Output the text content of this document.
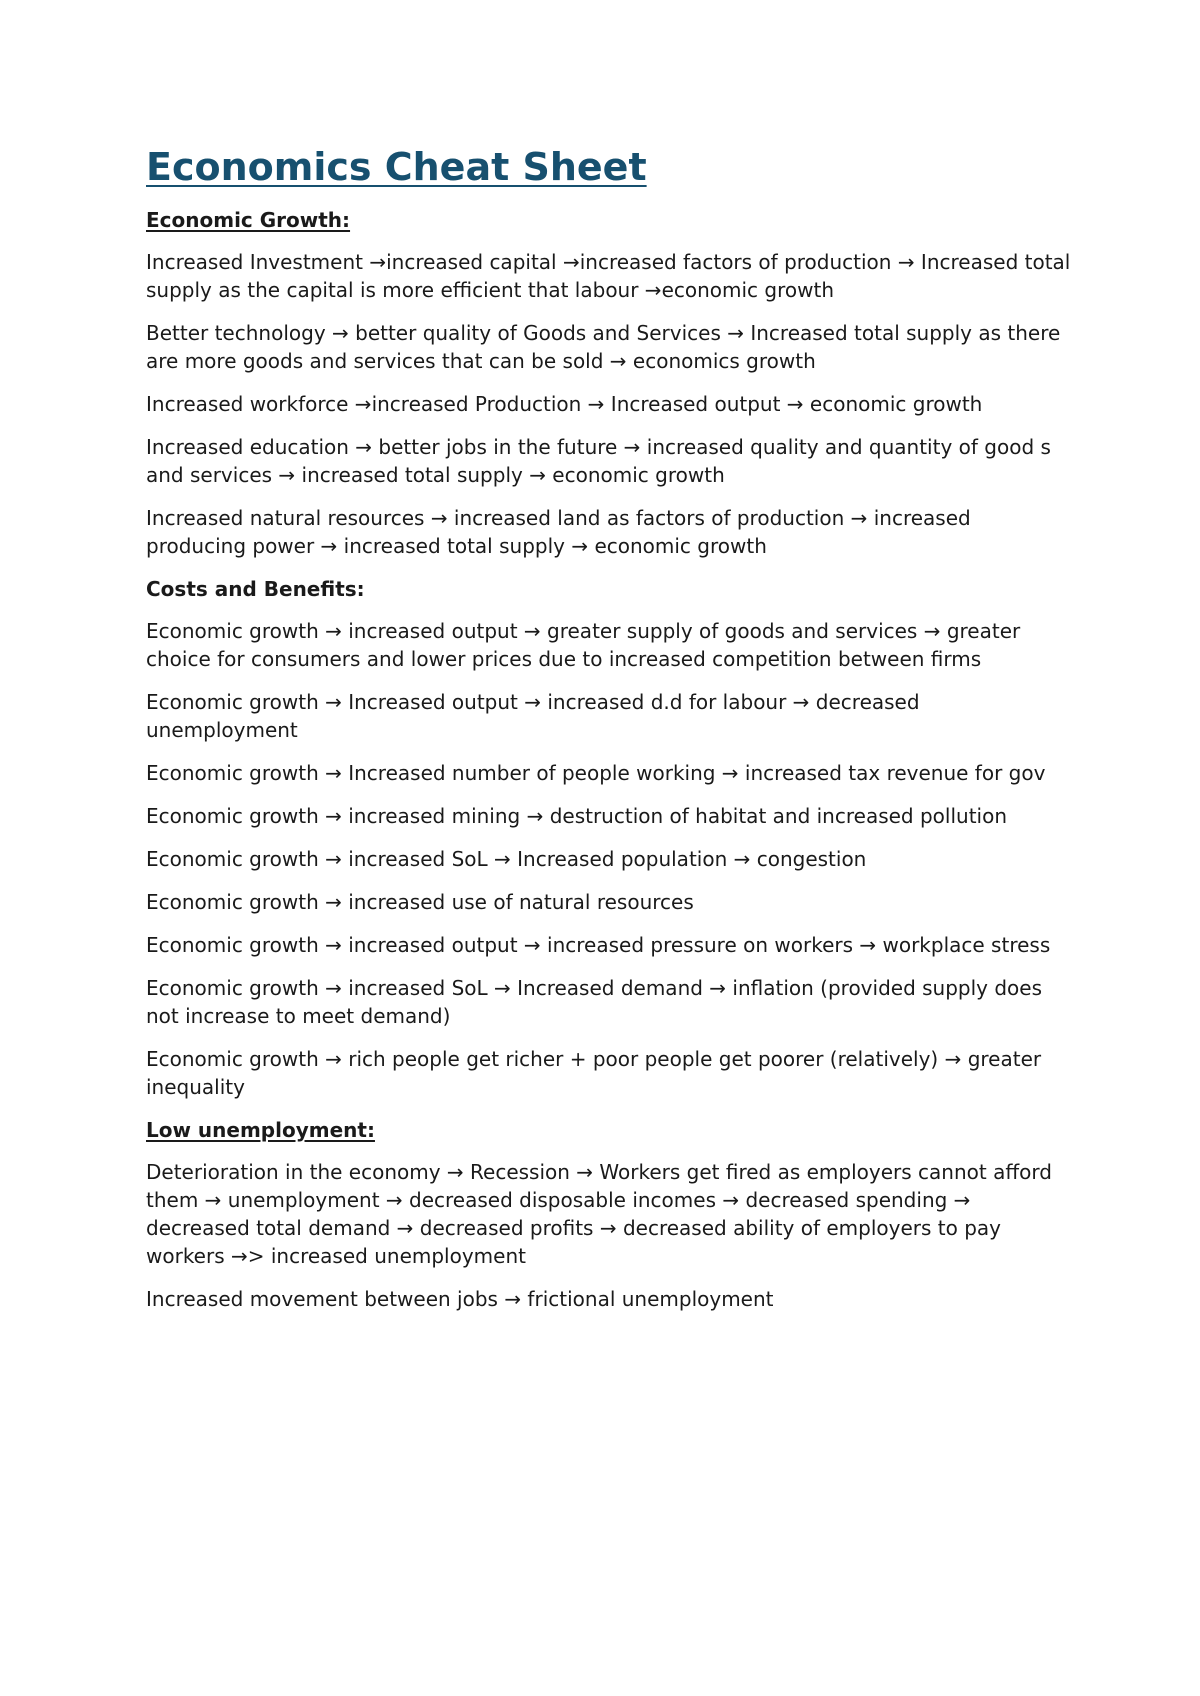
Economics Cheat Sheet
Economic Growth:

Increased Investment →increased capital →increased factors of production → Increased total supply as the capital is more efficient that labour →economic growth

Better technology → better quality of Goods and Services → Increased total supply as there are more goods and services that can be sold → economics growth

Increased workforce →increased Production → Increased output → economic growth

Increased education → better jobs in the future → increased quality and quantity of good s and services → increased total supply → economic growth

Increased natural resources → increased land as factors of production → increased producing power → increased total supply → economic growth

Costs and Benefits:

Economic growth → increased output → greater supply of goods and services → greater choice for consumers and lower prices due to increased competition between firms

Economic growth → Increased output → increased d.d for labour → decreased unemployment

Economic growth → Increased number of people working → increased tax revenue for gov

Economic growth → increased mining → destruction of habitat and increased pollution

Economic growth → increased SoL → Increased population → congestion

Economic growth → increased use of natural resources

Economic growth → increased output → increased pressure on workers → workplace stress

Economic growth → increased SoL → Increased demand → inflation (provided supply does not increase to meet demand)

Economic growth → rich people get richer + poor people get poorer (relatively) → greater inequality

Low unemployment:

Deterioration in the economy → Recession → Workers get fired as employers cannot afford them → unemployment → decreased disposable incomes → decreased spending → decreased total demand → decreased profits → decreased ability of employers to pay workers →> increased unemployment

Increased movement between jobs → frictional unemployment
